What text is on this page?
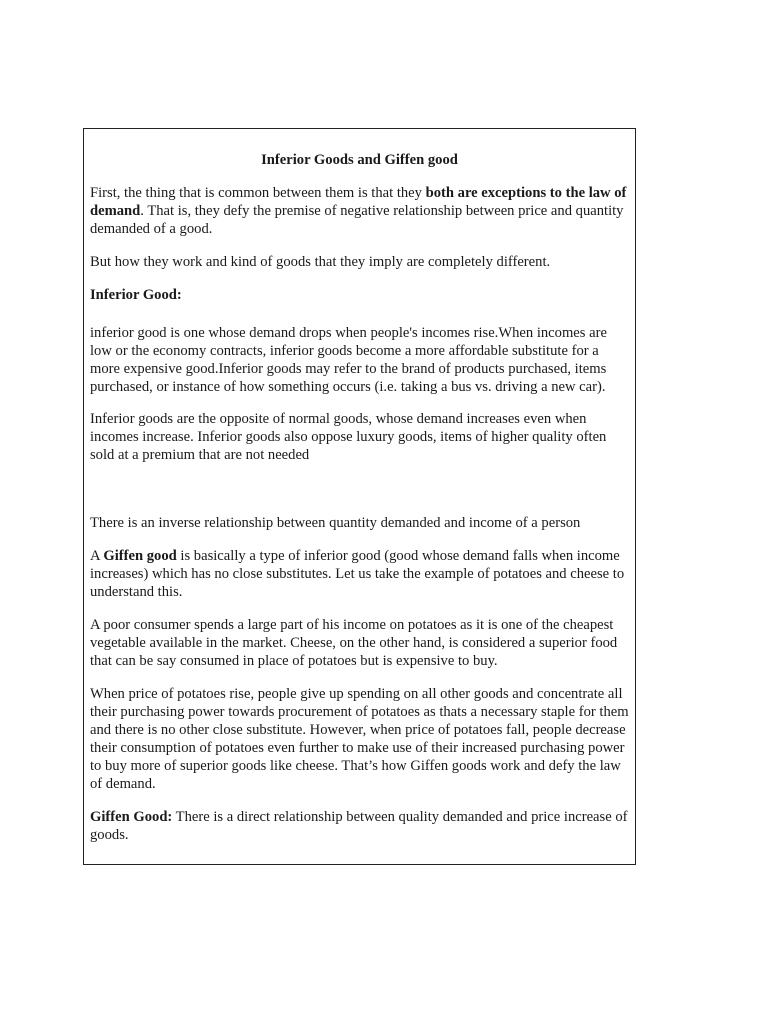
Inferior Goods and Giffen good

First, the thing that is common between them is that they both are exceptions to the law of demand. That is, they defy the premise of negative relationship between price and quantity demanded of a good.

But how they work and kind of goods that they imply are completely different.

Inferior Good:

inferior good is one whose demand drops when people's incomes rise.When incomes are low or the economy contracts, inferior goods become a more affordable substitute for a more expensive good.Inferior goods may refer to the brand of products purchased, items purchased, or instance of how something occurs (i.e. taking a bus vs. driving a new car).

Inferior goods are the opposite of normal goods, whose demand increases even when incomes increase. Inferior goods also oppose luxury goods, items of higher quality often sold at a premium that are not needed

There is an inverse relationship between quantity demanded and income of a person

A Giffen good is basically a type of inferior good (good whose demand falls when income increases) which has no close substitutes. Let us take the example of potatoes and cheese to understand this.

A poor consumer spends a large part of his income on potatoes as it is one of the cheapest vegetable available in the market. Cheese, on the other hand, is considered a superior food that can be say consumed in place of potatoes but is expensive to buy.

When price of potatoes rise, people give up spending on all other goods and concentrate all their purchasing power towards procurement of potatoes as thats a necessary staple for them and there is no other close substitute. However, when price of potatoes fall, people decrease their consumption of potatoes even further to make use of their increased purchasing power to buy more of superior goods like cheese. That’s how Giffen goods work and defy the law of demand.

Giffen Good: There is a direct relationship between quality demanded and price increase of goods.
